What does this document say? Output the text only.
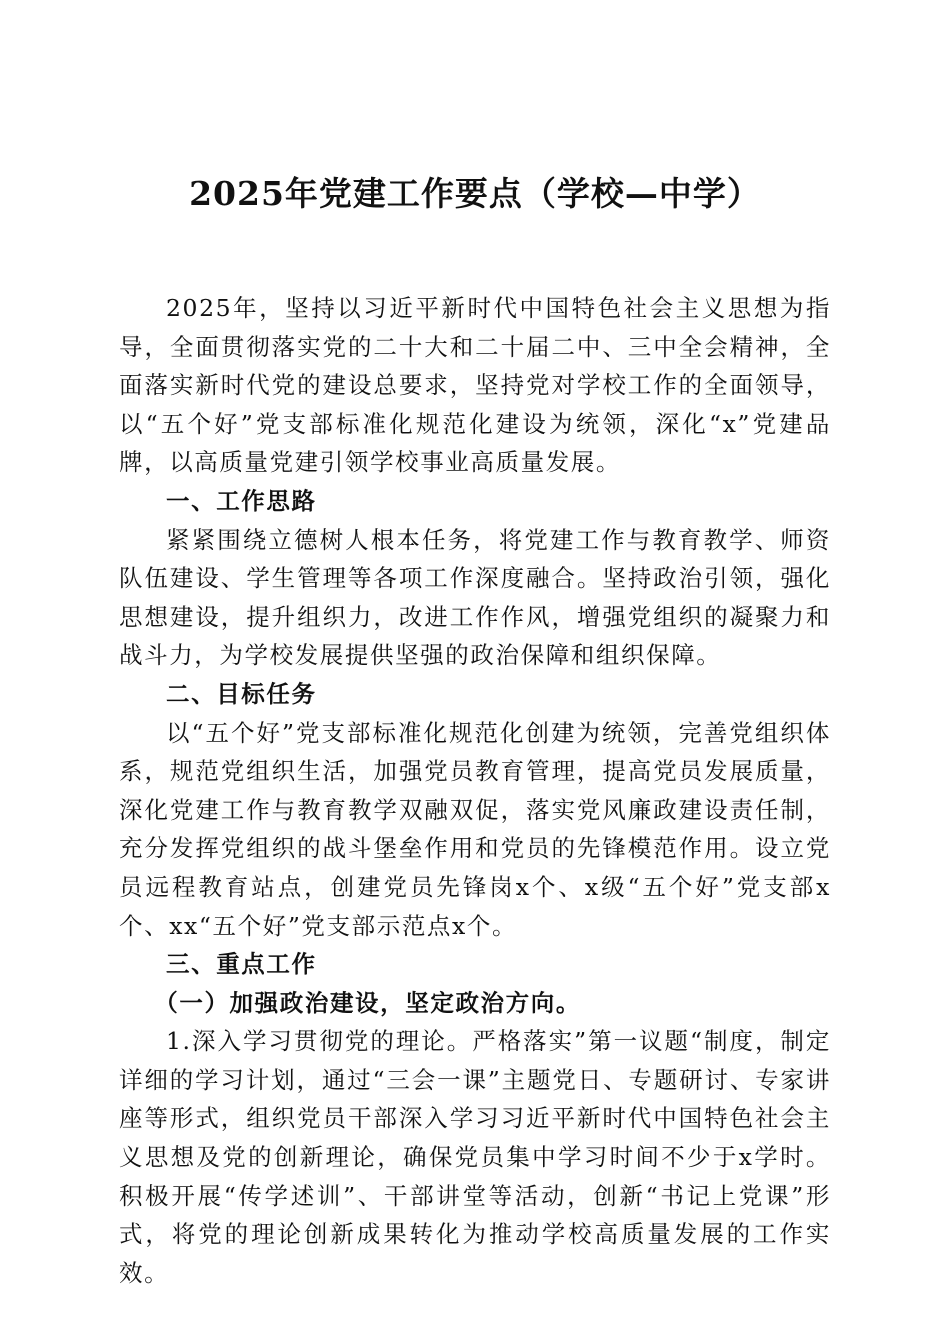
2025年党建工作要点（学校—中学）

2025年，坚持以习近平新时代中国特色社会主义思想为指导，全面贯彻落实党的二十大和二十届二中、三中全会精神，全面落实新时代党的建设总要求，坚持党对学校工作的全面领导，以“五个好”党支部标准化规范化建设为统领，深化“x”党建品牌，以高质量党建引领学校事业高质量发展。

一、工作思路

紧紧围绕立德树人根本任务，将党建工作与教育教学、师资队伍建设、学生管理等各项工作深度融合。坚持政治引领，强化思想建设，提升组织力，改进工作作风，增强党组织的凝聚力和战斗力，为学校发展提供坚强的政治保障和组织保障。

二、目标任务

以“五个好”党支部标准化规范化创建为统领，完善党组织体系，规范党组织生活，加强党员教育管理，提高党员发展质量，深化党建工作与教育教学双融双促，落实党风廉政建设责任制，充分发挥党组织的战斗堡垒作用和党员的先锋模范作用。设立党员远程教育站点，创建党员先锋岗x个、x级“五个好”党支部x个、xx“五个好”党支部示范点x个。

三、重点工作

（一）加强政治建设，坚定政治方向。

1.深入学习贯彻党的理论。严格落实”第一议题“制度，制定详细的学习计划，通过“三会一课”主题党日、专题研讨、专家讲座等形式，组织党员干部深入学习习近平新时代中国特色社会主义思想及党的创新理论，确保党员集中学习时间不少于x学时。积极开展“传学述训”、干部讲堂等活动，创新“书记上党课”形式，将党的理论创新成果转化为推动学校高质量发展的工作实效。
